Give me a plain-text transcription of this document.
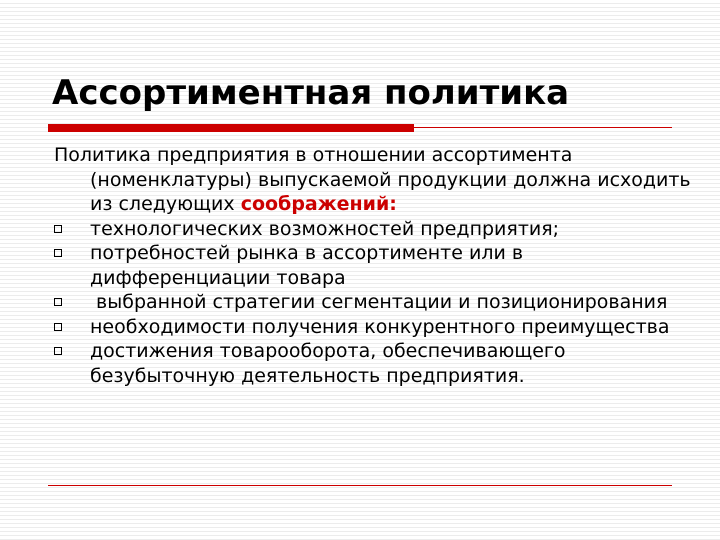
Ассортиментная политика

Политика предприятия в отношении ассортимента (номенклатуры) выпускаемой продукции должна исходить из следующих соображений:

технологических возможностей предприятия;

потребностей рынка в ассортименте или в дифференциации товара

выбранной стратегии сегментации и позиционирования

необходимости получения конкурентного преимущества

достижения товарооборота, обеспечивающего безубыточную деятельность предприятия.
